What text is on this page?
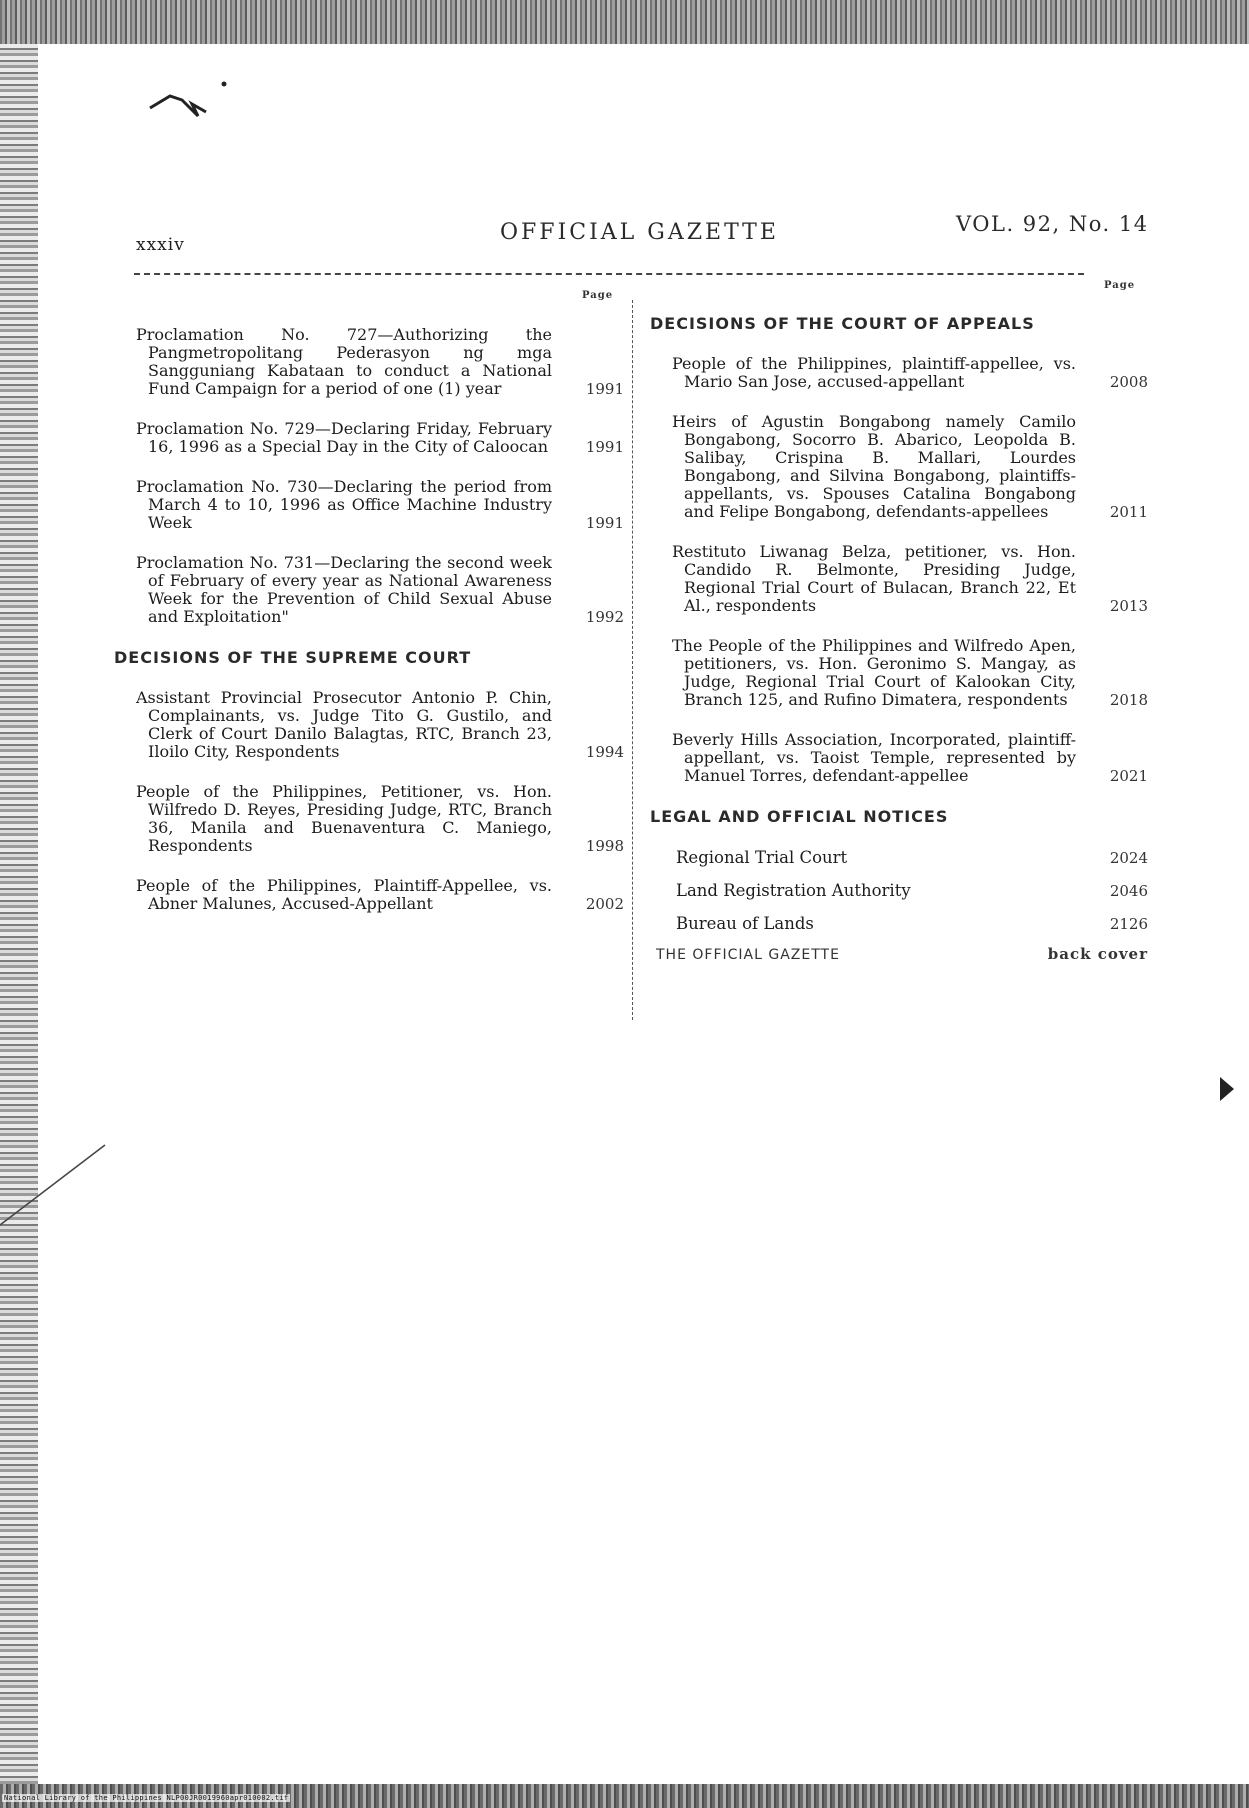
National Library of the Philippines NLP00JR0019960apr010002.tif
xxxiv	OFFICIAL GAZETTE	VOL. 92, No. 14
Page
Page
Proclamation No. 727—Authorizing the Pangmetropolitang Pederasyon ng mga Sangguniang Kabataan to conduct a National Fund Campaign for a period of one (1) year	1991
Proclamation No. 729—Declaring Friday, February 16, 1996 as a Special Day in the City of Caloocan	1991
Proclamation No. 730—Declaring the period from March 4 to 10, 1996 as Office Machine Industry Week	1991
Proclamation No. 731—Declaring the second week of February of every year as National Awareness Week for the Prevention of Child Sexual Abuse and Exploitation"	1992
DECISIONS OF THE SUPREME COURT
Assistant Provincial Prosecutor Antonio P. Chin, Complainants, vs. Judge Tito G. Gustilo, and Clerk of Court Danilo Balagtas, RTC, Branch 23, Iloilo City, Respondents	1994
People of the Philippines, Petitioner, vs. Hon. Wilfredo D. Reyes, Presiding Judge, RTC, Branch 36, Manila and Buenaventura C. Maniego, Respondents	1998
People of the Philippines, Plaintiff-Appellee, vs. Abner Malunes, Accused-Appellant	2002
DECISIONS OF THE COURT OF APPEALS
People of the Philippines, plaintiff-appellee, vs. Mario San Jose, accused-appellant	2008
Heirs of Agustin Bongabong namely Camilo Bongabong, Socorro B. Abarico, Leopolda B. Salibay, Crispina B. Mallari, Lourdes Bongabong, and Silvina Bongabong, plaintiffs-appellants, vs. Spouses Catalina Bongabong and Felipe Bongabong, defendants-appellees	2011
Restituto Liwanag Belza, petitioner, vs. Hon. Candido R. Belmonte, Presiding Judge, Regional Trial Court of Bulacan, Branch 22, Et Al., respondents	2013
The People of the Philippines and Wilfredo Apen, petitioners, vs. Hon. Geronimo S. Mangay, as Judge, Regional Trial Court of Kalookan City, Branch 125, and Rufino Dimatera, respondents	2018
Beverly Hills Association, Incorporated, plaintiff-appellant, vs. Taoist Temple, represented by Manuel Torres, defendant-appellee	2021
LEGAL AND OFFICIAL NOTICES
Regional Trial Court	2024
Land Registration Authority	2046
Bureau of Lands	2126
THE OFFICIAL GAZETTE	back cover
